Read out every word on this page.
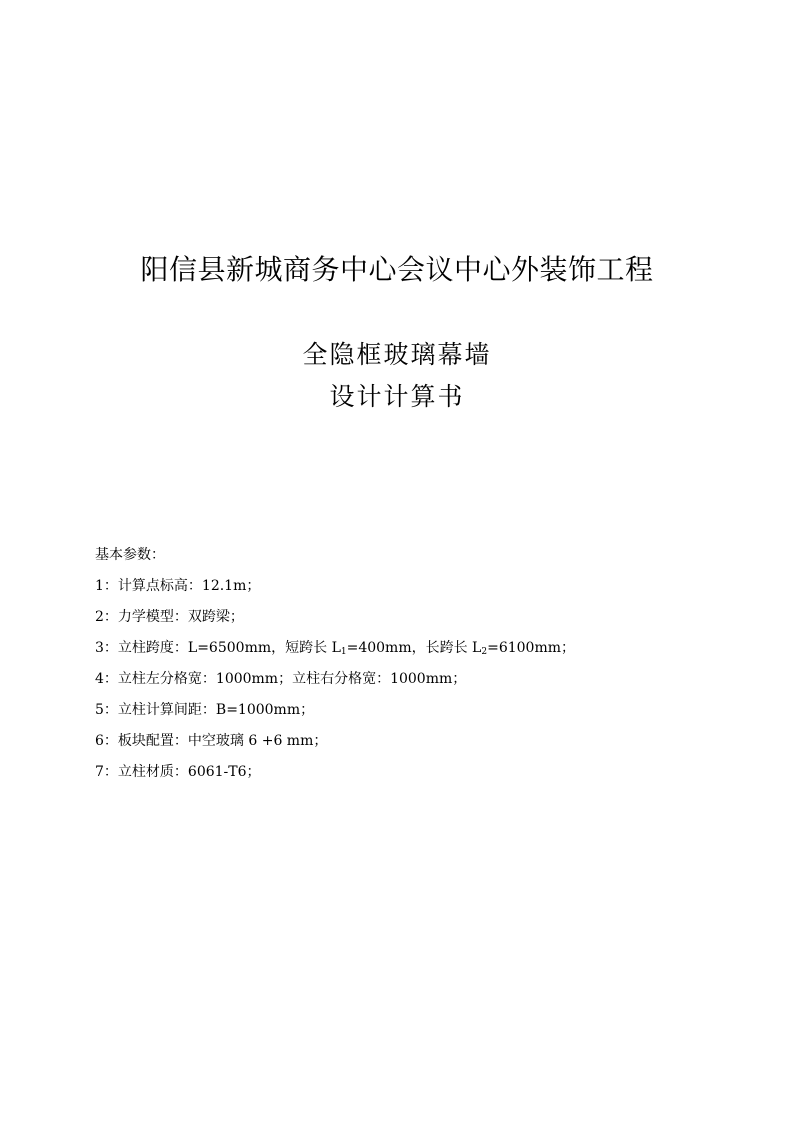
阳信县新城商务中心会议中心外装饰工程
全隐框玻璃幕墙
设计计算书
基本参数：
1：计算点标高：12.1m；
2：力学模型：双跨梁；
3：立柱跨度：L=6500mm，短跨长 $L_1=400mm$，长跨长 $L_2=6100mm$；
4：立柱左分格宽：1000mm；立柱右分格宽：1000mm；
5：立柱计算间距：B=1000mm；
6：板块配置：中空玻璃 6 +6 mm；
7：立柱材质：6061-T6；
